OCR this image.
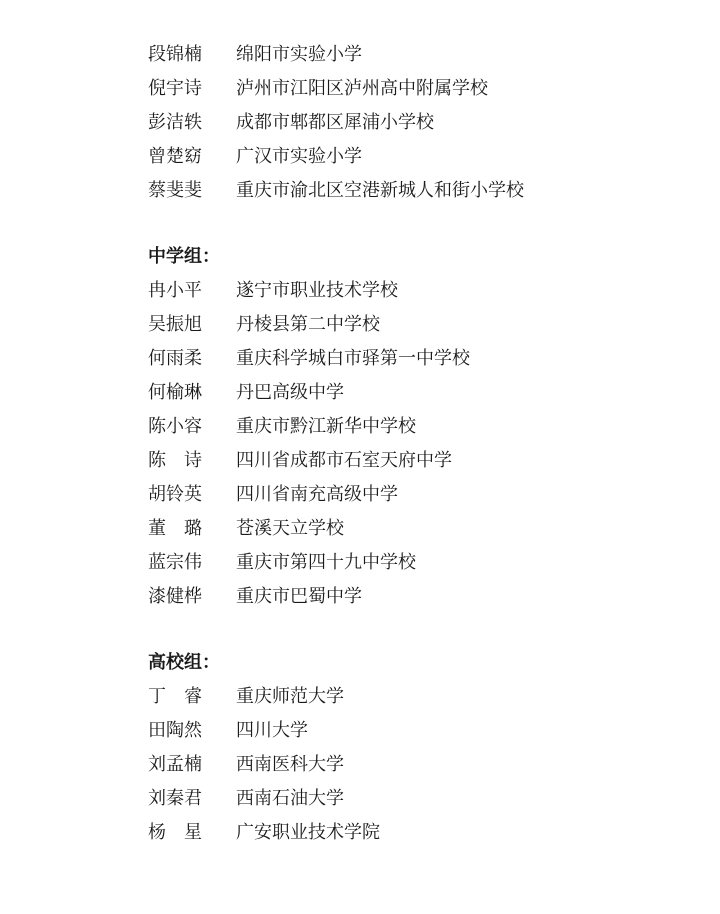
段锦楠	绵阳市实验小学
倪宇诗	泸州市江阳区泸州高中附属学校
彭洁轶	成都市郫都区犀浦小学校
曾楚窈	广汉市实验小学
蔡斐斐	重庆市渝北区空港新城人和街小学校
中学组：
冉小平	遂宁市职业技术学校
吴振旭	丹棱县第二中学校
何雨柔	重庆科学城白市驿第一中学校
何榆琳	丹巴高级中学
陈小容	重庆市黔江新华中学校
陈　诗	四川省成都市石室天府中学
胡铃英	四川省南充高级中学
董　璐	苍溪天立学校
蓝宗伟	重庆市第四十九中学校
漆健桦	重庆市巴蜀中学
高校组：
丁　睿	重庆师范大学
田陶然	四川大学
刘孟楠	西南医科大学
刘秦君	西南石油大学
杨　星	广安职业技术学院
